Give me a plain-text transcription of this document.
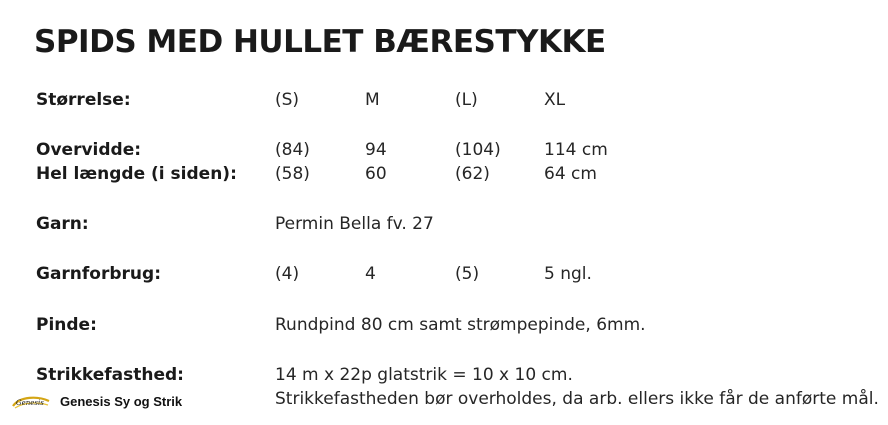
SPIDS MED HULLET BÆRESTYKKE
Størrelse:	(S)	M	(L)	XL
Overvidde:	(84)	94	(104)	114 cm
Hel længde (i siden): (58)	60	(62)	64 cm
Garn:	Permin Bella fv. 27
Garnforbrug:	(4)	4	(5)	5 ngl.
Pinde:	Rundpind 80 cm samt strømpepinde, 6mm.
Strikkefasthed:	14 m x 22p glatstrik = 10 x 10 cm.
Strikkefastheden bør overholdes, da arb. ellers ikke får de anførte mål.
Genesis Genesis Sy og Strik
